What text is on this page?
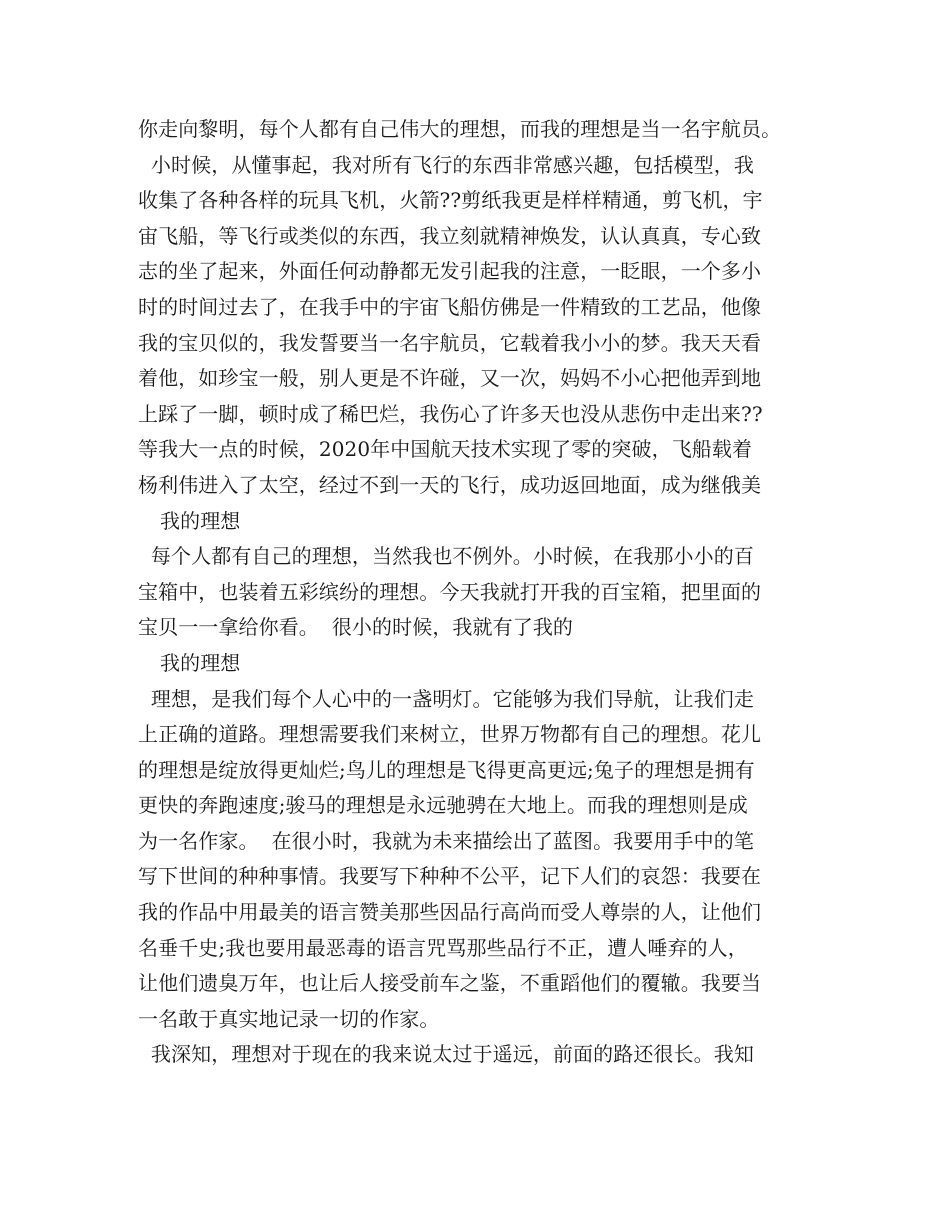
你走向黎明，每个人都有自己伟大的理想，而我的理想是当一名宇航员。
小时候，从懂事起，我对所有飞行的东西非常感兴趣，包括模型，我
收集了各种各样的玩具飞机，火箭??剪纸我更是样样精通，剪飞机，宇
宙飞船，等飞行或类似的东西，我立刻就精神焕发，认认真真，专心致
志的坐了起来，外面任何动静都无发引起我的注意，一眨眼，一个多小
时的时间过去了，在我手中的宇宙飞船仿佛是一件精致的工艺品，他像
我的宝贝似的，我发誓要当一名宇航员，它载着我小小的梦。我天天看
着他，如珍宝一般，别人更是不许碰，又一次，妈妈不小心把他弄到地
上踩了一脚，顿时成了稀巴烂，我伤心了许多天也没从悲伤中走出来??
等我大一点的时候，2020年中国航天技术实现了零的突破，飞船载着
杨利伟进入了太空，经过不到一天的飞行，成功返回地面，成为继俄美
我的理想
每个人都有自己的理想，当然我也不例外。小时候，在我那小小的百
宝箱中，也装着五彩缤纷的理想。今天我就打开我的百宝箱，把里面的
宝贝一一拿给你看。  很小的时候，我就有了我的
我的理想
理想，是我们每个人心中的一盏明灯。它能够为我们导航，让我们走
上正确的道路。理想需要我们来树立，世界万物都有自己的理想。花儿
的理想是绽放得更灿烂;鸟儿的理想是飞得更高更远;兔子的理想是拥有
更快的奔跑速度;骏马的理想是永远驰骋在大地上。而我的理想则是成
为一名作家。  在很小时，我就为未来描绘出了蓝图。我要用手中的笔
写下世间的种种事情。我要写下种种不公平，记下人们的哀怨：我要在
我的作品中用最美的语言赞美那些因品行高尚而受人尊崇的人，让他们
名垂千史;我也要用最恶毒的语言咒骂那些品行不正，遭人唾弃的人，
让他们遗臭万年，也让后人接受前车之鉴，不重蹈他们的覆辙。我要当
一名敢于真实地记录一切的作家。
我深知，理想对于现在的我来说太过于遥远，前面的路还很长。我知
